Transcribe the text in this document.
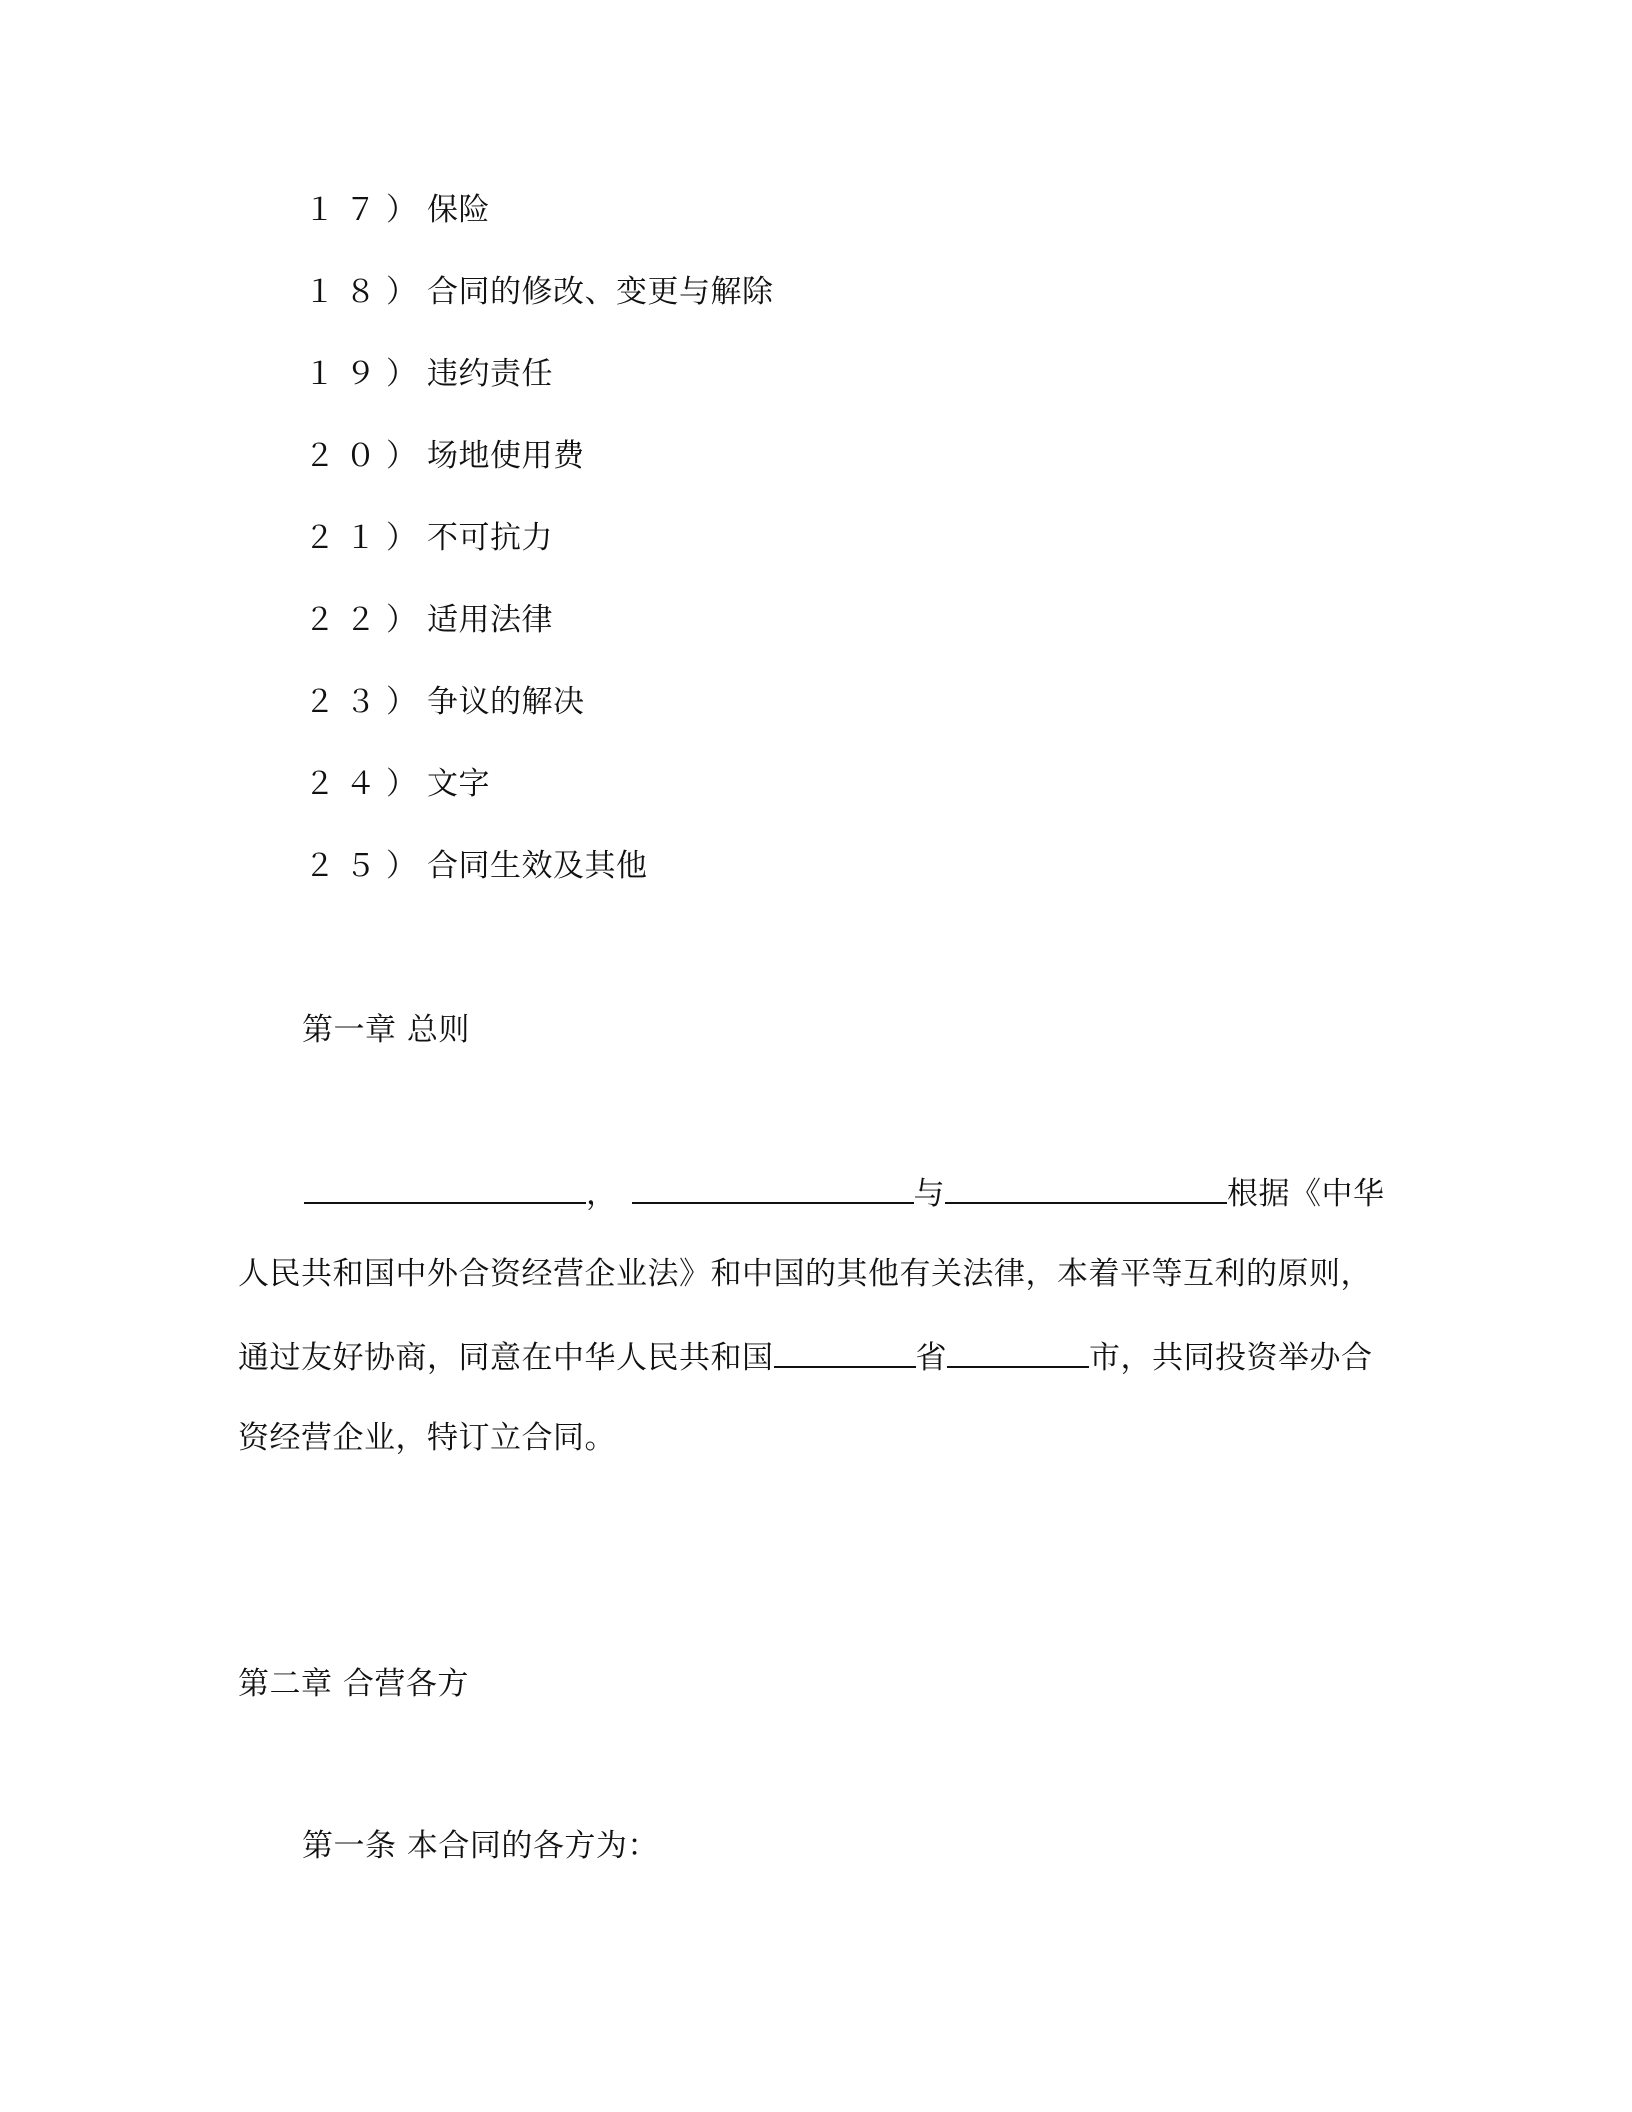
１７）保险
１８）合同的修改、变更与解除
１９）违约责任
２０）场地使用费
２１）不可抗力
２２）适用法律
２３）争议的解决
２４）文字
２５）合同生效及其他
第一章 总则
，	与	根据《中华
人民共和国中外合资经营企业法》和中国的其他有关法律，本着平等互利的原则，
通过友好协商，同意在中华人民共和国	省	市，共同投资举办合
资经营企业，特订立合同。
第二章 合营各方
第一条 本合同的各方为：
